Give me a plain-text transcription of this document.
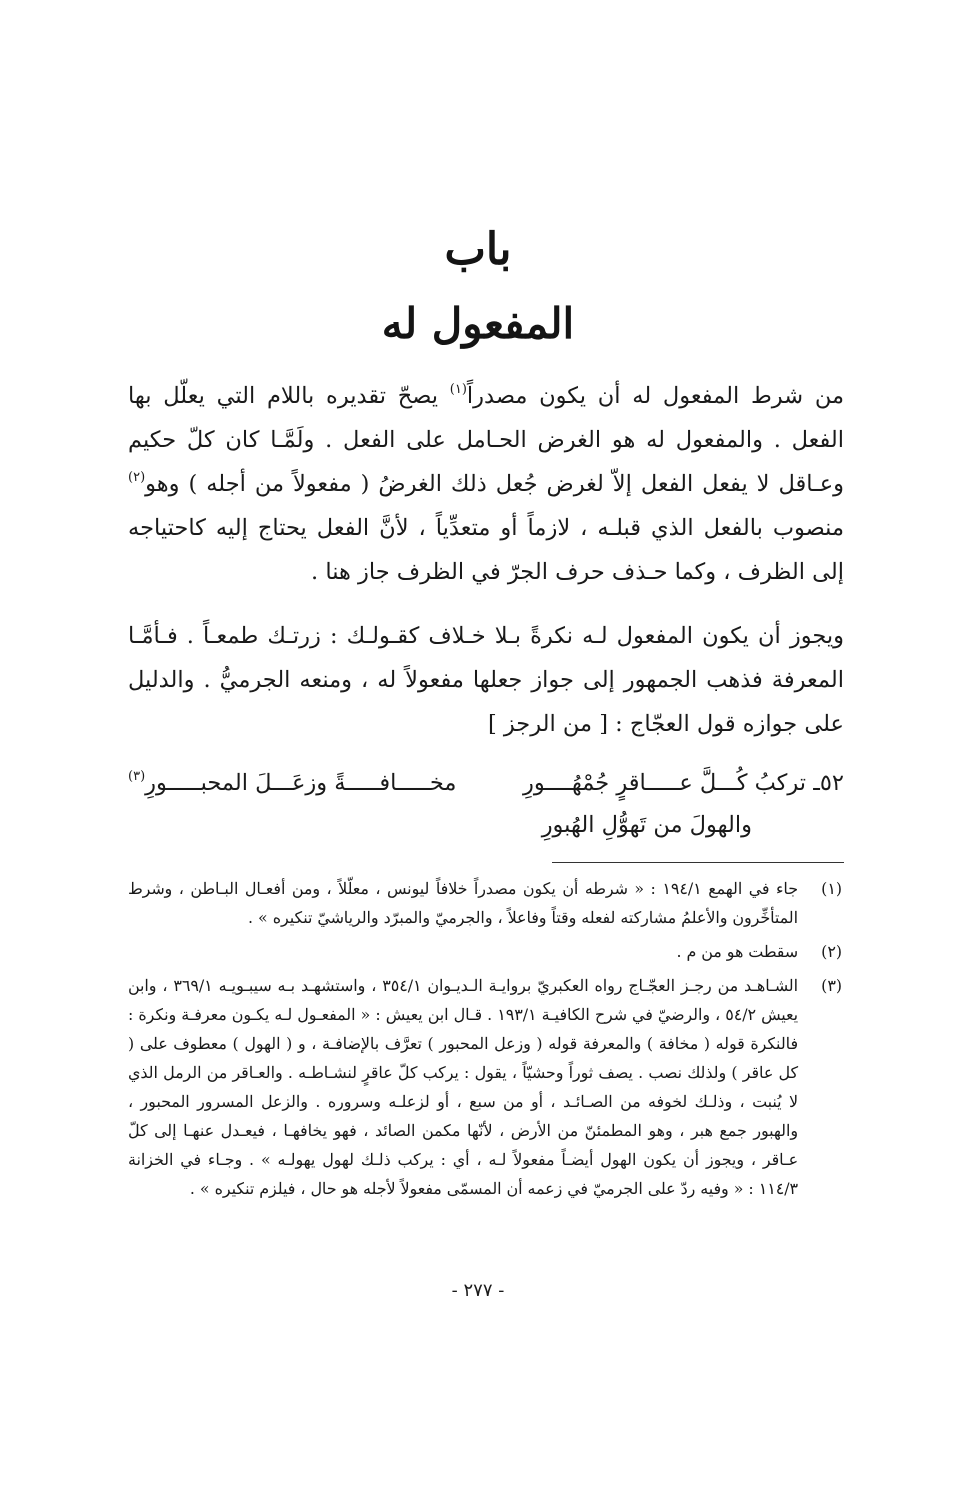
باب
المفعول له
من شرط المفعول له أن يكون مصدراً$^{(١)}$ يصحّ تقديره باللام التي يعلّل بها الفعل . والمفعول له هو الغرض الحـامل على الفعل . ولَمَّـا كان كلّ حكيم وعـاقل لا يفعل الفعل إلاّ لغرض جُعل ذلك الغرضُ ( مفعولاً من أجله ) وهو$^{(٢)}$ منصوب بالفعل الذي قبلـه ، لازماً أو متعدِّياً ، لأنَّ الفعل يحتاج إليه كاحتياجه إلى الظرف ، وكما حـذف حرف الجرّ في الظرف جاز هنا .
ويجوز أن يكون المفعول لـه نكرةً بـلا خـلاف كقـولـك : زرتـك طمعـاً . فـأمَّـا المعرفة فذهب الجمهور إلى جواز جعلها مفعولاً له ، ومنعه الجرميُّ . والدليل على جوازه قول العجّاج : [ من الرجز ]
٥٢ـ تركبُ كُـــلَّ عـــــاقرٍ جُمْهُــــورِ
مخـــــافـــــةً وزعَـــلَ المحبـــــورِ$^{(٣)}$
والهولَ من تَهوُّلِ الهُبورِ
(١)
جاء في الهمع ١٩٤/١ : « شرطه أن يكون مصدراً خلافاً ليونس ، معلّلاً ، ومن أفعـال البـاطن ، وشرط المتأخِّرون والأعلمُ مشاركته لفعله وقتاً وفاعلاً ، والجرميّ والمبرّد والرياشيّ تنكيره » .
(٢)
سقطت هو من م .
(٣)
الشـاهـد من رجـز العجّـاج رواه العكبريّ بروايـة الـديـوان ٣٥٤/١ ، واستشهـد بـه سيبـويـه ٣٦٩/١ ، وابن يعيش ٥٤/٢ ، والرضيّ في شرح الكافيـة ١٩٣/١ . قـال ابن يعيش : « المفعـول لـه يكـون معرفـة ونكرة : فالنكرة قوله ( مخافة ) والمعرفة قوله ( وزعل المحبور ) تعرَّف بالإضافـة ، و ( الهول ) معطوف على ( كل عاقر ) ولذلك نصب . يصف ثوراً وحشيّاً ، يقول : يركب كلّ عاقرٍ لنشـاطـه . والعـاقر من الرمل الذي لا يُنبت ، وذلـك لخوفه من الصـائـد ، أو من سبع ، أو لزعلـه وسروره . والزعل المسرور المحبور ، والهبور جمع هبر ، وهو المطمئنّ من الأرض ، لأنّها مكمن الصائد ، فهو يخافهـا ، فيعـدل عنهـا إلى كلّ عـاقر ، ويجوز أن يكون الهول أيضـاً مفعولاً لـه ، أي : يركب ذلـك لهول يهولـه » . وجـاء في الخزانة ١١٤/٣ : « وفيه ردّ على الجرميّ في زعمه أن المسمّى مفعولاً لأجله هو حال ، فيلزم تنكيره » .
- ٢٧٧ -
